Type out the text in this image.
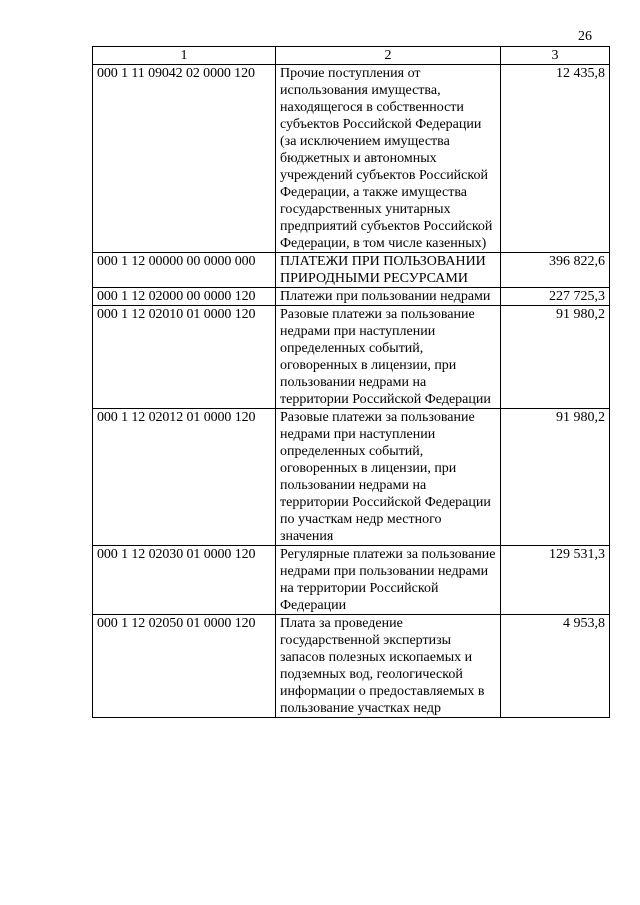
26
1	2	3
000 1 11 09042 02 0000 120	Прочие поступления от использования имущества, находящегося в собственности субъектов Российской Федерации (за исключением имущества бюджетных и автономных учреждений субъектов Российской Федерации, а также имущества государственных унитарных предприятий субъектов Российской Федерации, в том числе казенных)	12 435,8
000 1 12 00000 00 0000 000	ПЛАТЕЖИ ПРИ ПОЛЬЗОВАНИИ ПРИРОДНЫМИ РЕСУРСАМИ	396 822,6
000 1 12 02000 00 0000 120	Платежи при пользовании недрами	227 725,3
000 1 12 02010 01 0000 120	Разовые платежи за пользование недрами при наступлении определенных событий, оговоренных в лицензии, при пользовании недрами на территории Российской Федерации	91 980,2
000 1 12 02012 01 0000 120	Разовые платежи за пользование недрами при наступлении определенных событий, оговоренных в лицензии, при пользовании недрами на территории Российской Федерации по участкам недр местного значения	91 980,2
000 1 12 02030 01 0000 120	Регулярные платежи за пользование недрами при пользовании недрами на территории Российской Федерации	129 531,3
000 1 12 02050 01 0000 120	Плата за проведение государственной экспертизы запасов полезных ископаемых и подземных вод, геологической информации о предоставляемых в пользование участках недр	4 953,8
